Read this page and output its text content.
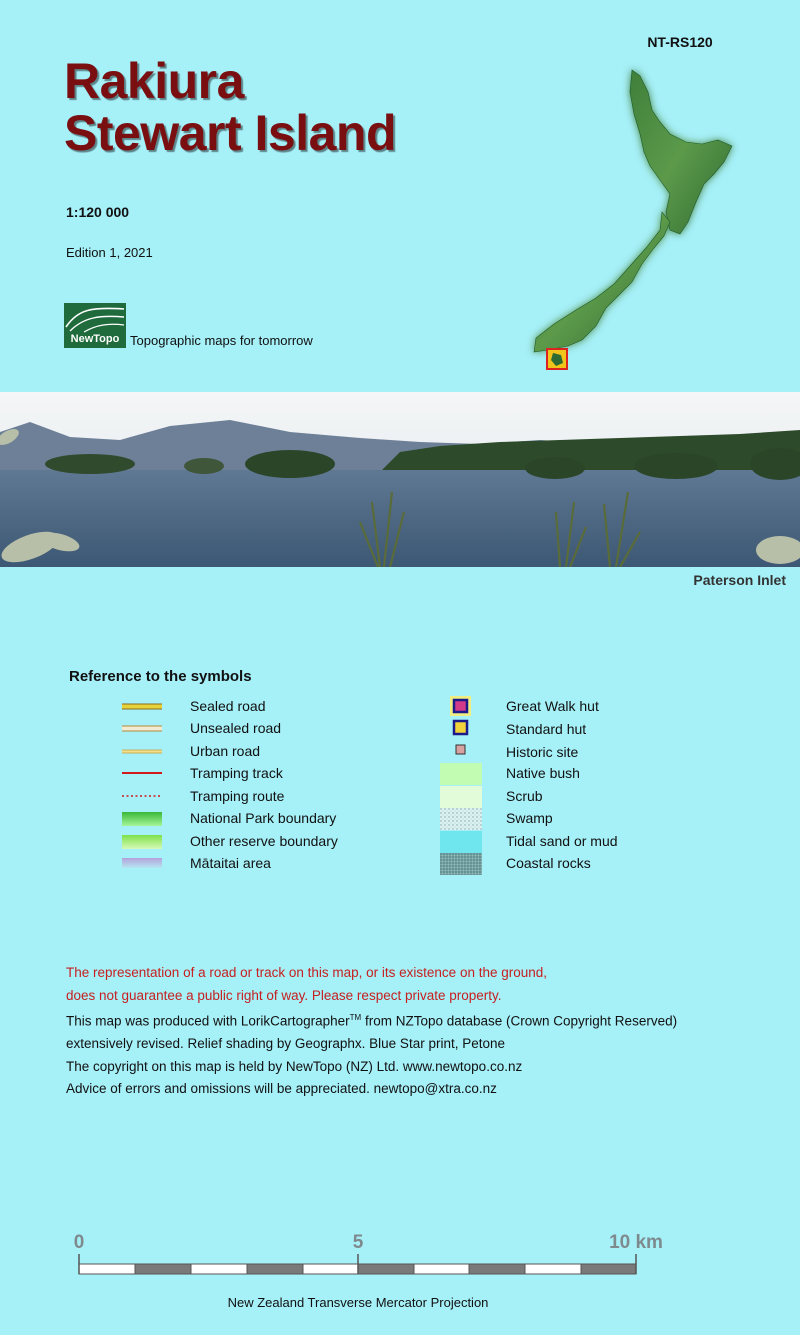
NT-RS120
Rakiura
Stewart Island
1:120 000
Edition 1, 2021
NewTopo Topographic maps for tomorrow
Paterson Inlet
Reference to the symbols
Sealed road
Unsealed road
Urban road
Tramping track
Tramping route
National Park boundary
Other reserve boundary
Mātaitai area
Great Walk hut
Standard hut
Historic site
Native bush
Scrub
Swamp
Tidal sand or mud
Coastal rocks

The representation of a road or track on this map, or its existence on the ground,

does not guarantee a public right of way. Please respect private property.

This map was produced with LorikCartographer™ from NZTopo database (Crown Copyright Reserved)

extensively revised. Relief shading by Geographx. Blue Star print, Petone

The copyright on this map is held by NewTopo (NZ) Ltd. www.newtopo.co.nz

Advice of errors and omissions will be appreciated. newtopo@xtra.co.nz

0	5	10 km
New Zealand Transverse Mercator Projection
